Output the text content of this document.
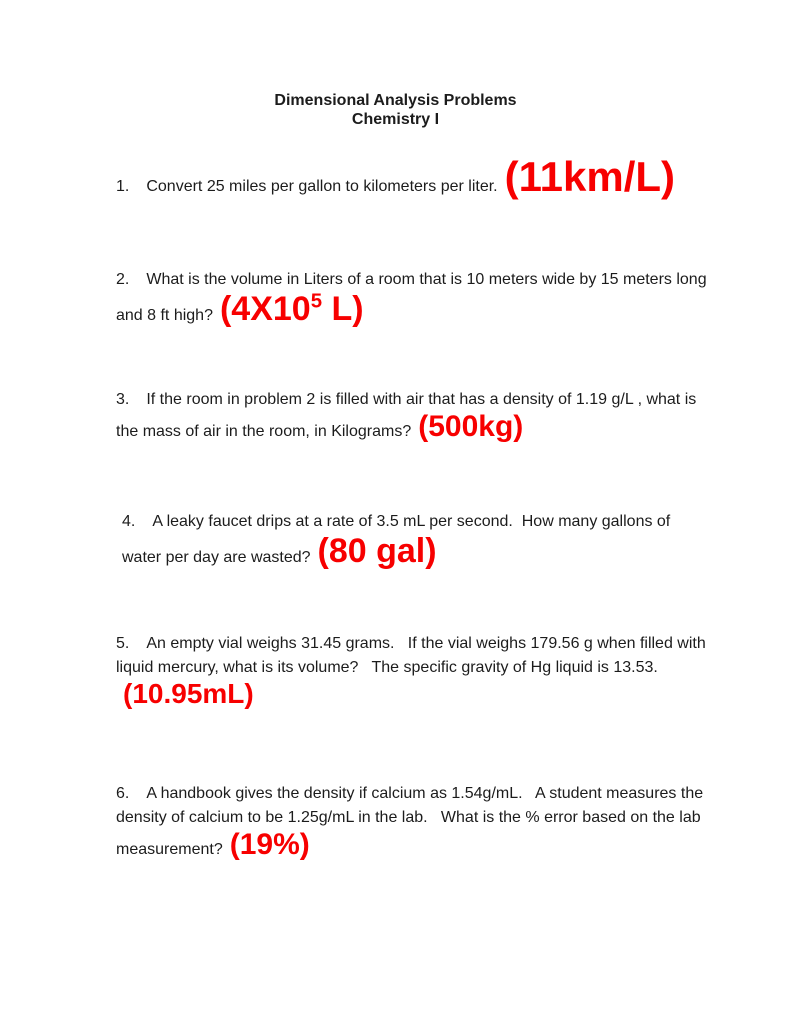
Dimensional Analysis Problems
Chemistry I

1. Convert 25 miles per gallon to kilometers per liter. (11km/L)

2. What is the volume in Liters of a room that is 10 meters wide by 15 meters long and 8 ft high? ($4X10^5$ L)

3. If the room in problem 2 is filled with air that has a density of 1.19 g/L , what is the mass of air in the room, in Kilograms? (500kg)

4. A leaky faucet drips at a rate of 3.5 mL per second.  How many gallons of water per day are wasted? (80 gal)

5. An empty vial weighs 31.45 grams.   If the vial weighs 179.56 g when filled with liquid mercury, what is its volume?   The specific gravity of Hg liquid is 13.53.(10.95mL)

6. A handbook gives the density if calcium as 1.54g/mL.   A student measures the density of calcium to be 1.25g/mL in the lab.   What is the % error based on the lab measurement? (19%)
